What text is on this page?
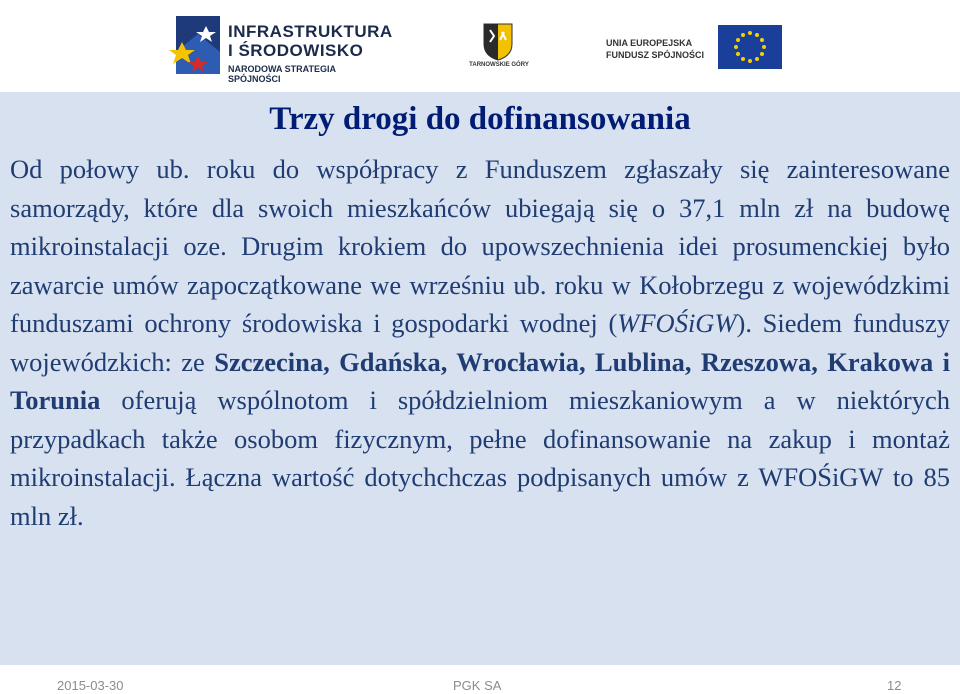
INFRASTRUKTURA
I ŚRODOWISKO
NARODOWA STRATEGIA SPÓJNOŚCI
TARNOWSKIE GÓRY
UNIA EUROPEJSKA
FUNDUSZ SPÓJNOŚCI
Trzy drogi do dofinansowania

Od połowy ub. roku do współpracy z Funduszem zgłaszały się zainteresowane samorządy, które dla swoich mieszkańców ubiegają się o 37,1 mln zł na budowę mikroinstalacji oze. Drugim krokiem do upowszechnienia idei prosumenckiej było zawarcie umów zapoczątkowane we wrześniu ub. roku w Kołobrzegu z wojewódzkimi funduszami ochrony środowiska i gospodarki wodnej (WFOŚiGW). Siedem funduszy wojewódzkich: ze Szczecina, Gdańska, Wrocławia, Lublina, Rzeszowa, Krakowa i Torunia oferują wspólnotom i spółdzielniom mieszkaniowym a w niektórych przypadkach także osobom fizycznym, pełne dofinansowanie na zakup i montaż mikroinstalacji. Łączna wartość dotychchczas podpisanych umów z WFOŚiGW to 85 mln zł.

2015-03-30	PGK SA	12
